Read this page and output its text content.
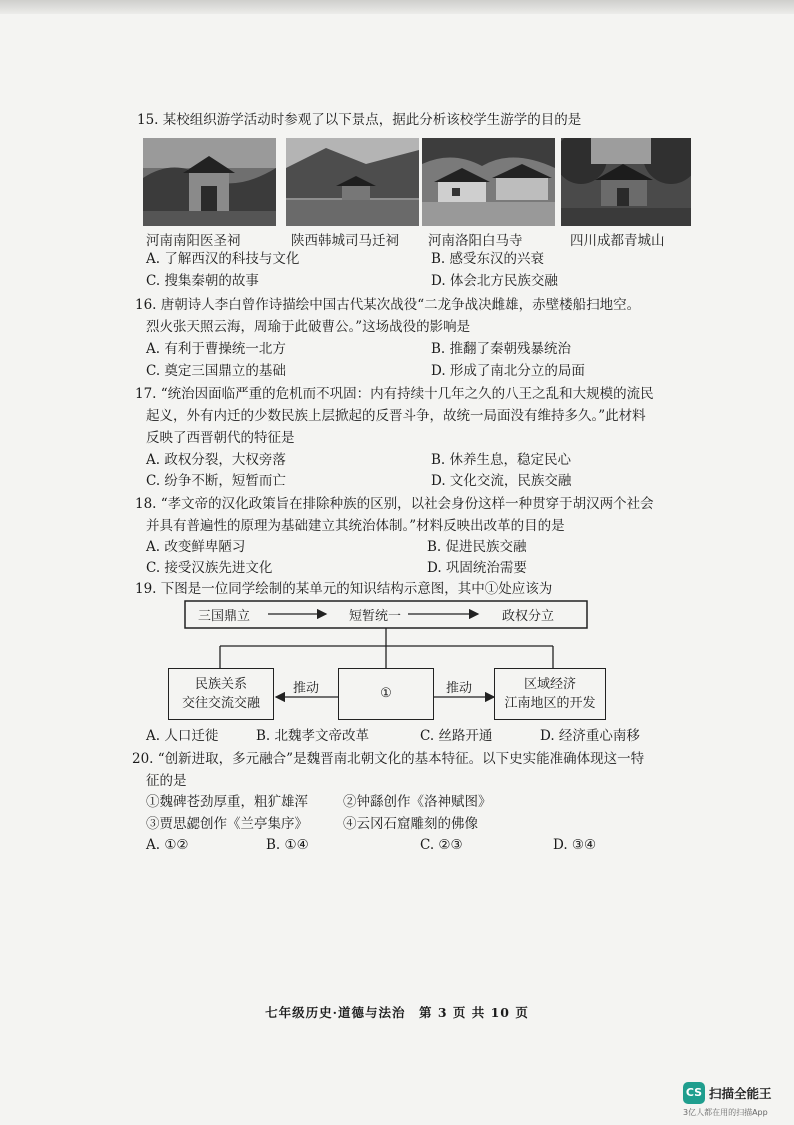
15. 某校组织游学活动时参观了以下景点，据此分析该校学生游学的目的是
河南南阳医圣祠	陕西韩城司马迁祠 河南洛阳白马寺	四川成都青城山
A. 了解西汉的科技与文化	B. 感受东汉的兴衰
C. 搜集秦朝的故事	D. 体会北方民族交融
16. 唐朝诗人李白曾作诗描绘中国古代某次战役“二龙争战决雌雄，赤壁楼船扫地空。
烈火张天照云海，周瑜于此破曹公。”这场战役的影响是
A. 有利于曹操统一北方	B. 推翻了秦朝残暴统治
C. 奠定三国鼎立的基础	D. 形成了南北分立的局面
17. “统治因面临严重的危机而不巩固：内有持续十几年之久的八王之乱和大规模的流民
起义，外有内迁的少数民族上层掀起的反晋斗争，故统一局面没有维持多久。”此材料
反映了西晋朝代的特征是
A. 政权分裂，大权旁落	B. 休养生息，稳定民心
C. 纷争不断，短暂而亡	D. 文化交流，民族交融
18. “孝文帝的汉化政策旨在排除种族的区别，以社会身份这样一种贯穿于胡汉两个社会
并具有普遍性的原理为基础建立其统治体制。”材料反映出改革的目的是
A. 改变鲜卑陋习	B. 促进民族交融
C. 接受汉族先进文化	D. 巩固统治需要
19. 下图是一位同学绘制的某单元的知识结构示意图，其中①处应该为
三国鼎立	短暂统一	政权分立
民族关系
交往交流交融
①
区域经济
江南地区的开发
推动	推动
A. 人口迁徙	B. 北魏孝文帝改革	C. 丝路开通	D. 经济重心南移
20. “创新进取，多元融合”是魏晋南北朝文化的基本特征。以下史实能准确体现这一特
征的是
①魏碑苍劲厚重，粗犷雄浑	②钟繇创作《洛神赋图》
③贾思勰创作《兰亭集序》	④云冈石窟雕刻的佛像
A. ①②	B. ①④	C. ②③	D. ③④
七年级历史·道德与法治　第 3 页 共 10 页
CS 扫描全能王
3亿人都在用的扫描App
